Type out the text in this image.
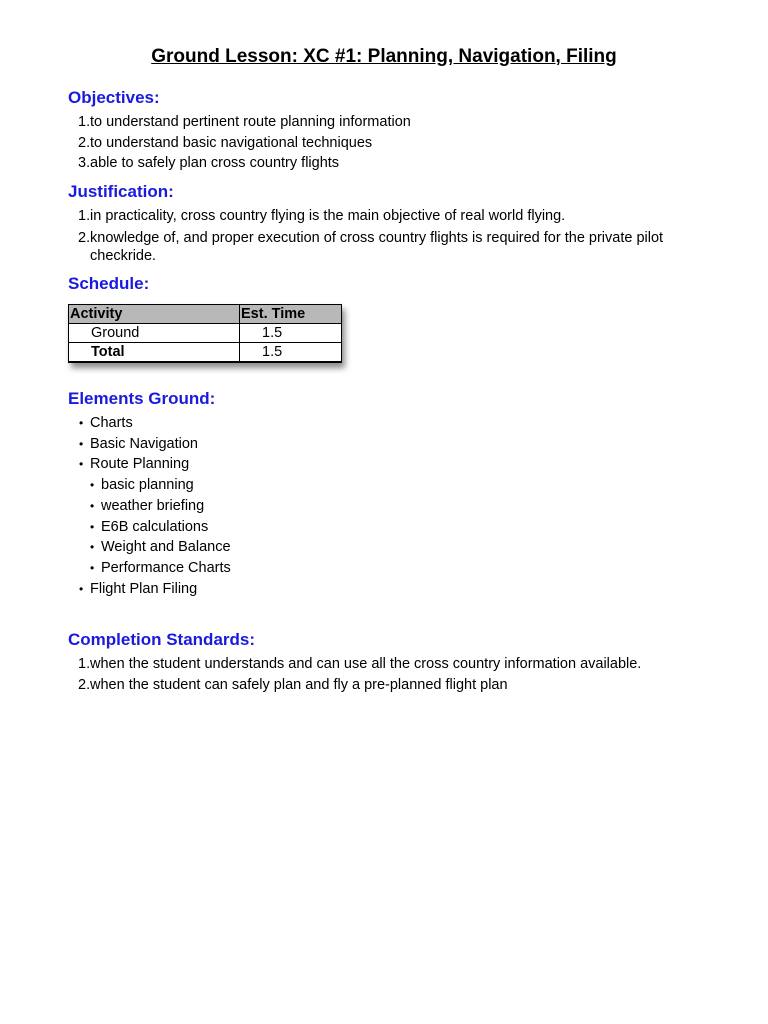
Ground Lesson: XC #1: Planning, Navigation, Filing
Objectives:
1. to understand pertinent route planning information
2. to understand basic navigational techniques
3. able to safely plan cross country flights
Justification:
1. in practicality, cross country flying is the main objective of real world flying.
2. knowledge of, and proper execution of cross country flights is required for the private pilot checkride.
Schedule:
Activity	Est. Time
Ground	1.5
Total	1.5
Elements Ground:
• Charts
• Basic Navigation
• Route Planning
• basic planning
• weather briefing
• E6B calculations
• Weight and Balance
• Performance Charts
• Flight Plan Filing
Completion Standards:
1. when the student understands and can use all the cross country information available.
2. when the student can safely plan and fly a pre-planned flight plan
